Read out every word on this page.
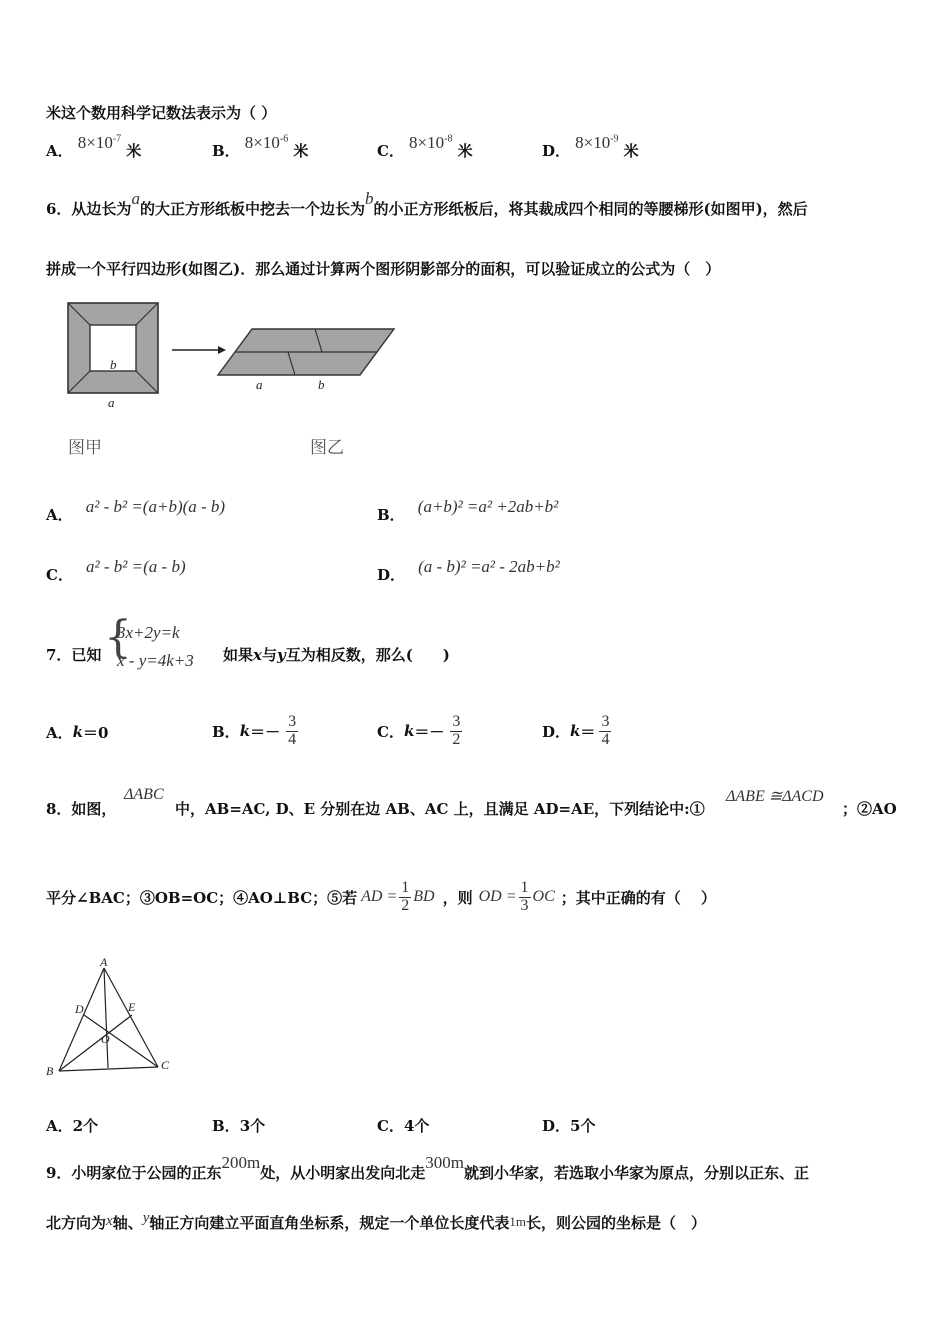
米这个数用科学记数法表示为（ ）
A． $8\times 10^{-7}$ 米	B． $8\times 10^{-6}$ 米	C． $8\times 10^{-8}$ 米	D． $8\times 10^{-9}$ 米
6．从边长为a的大正方形纸板中挖去一个边长为b的小正方形纸板后，将其裁成四个相同的等腰梯形(如图甲)，然后
拼成一个平行四边形(如图乙)．那么通过计算两个图形阴影部分的面积，可以验证成立的公式为（　）
b
a
a	b
图甲	图乙
A． a² - b² =(a+b)(a - b)	B． (a+b)² =a² +2ab+b²
C． a² - b² =(a - b)	D． (a - b)² =a² - 2ab+b²
7．已知 {
3x+2y=k
x - y=4k+3 如果x与y互为相反数，那么(　　)
A． k ＝0	B． $k =- \frac{3}{4}$	C． $k =- \frac{3}{2}$	D． $k = \frac{3}{4}$
8．如图，
ΔABC
中，AB=AC, D、E 分别在边 AB、AC 上，且满足 AD=AE，下列结论中:①
ΔABE ≅ΔACD
；②AO
平分∠BAC；③OB=OC；④AO⊥BC；⑤若 AD = $\frac{1}{2}$ BD ，则 OD = $\frac{1}{3}$ OC ；其中正确的有（　 ）
A
D	E
O
B	C
A．2个	B．3个	C．4个	D．5个
9．小明家位于公园的正东200m处，从小明家出发向北走300m就到小华家，若选取小华家为原点，分别以正东、正
北方向为x轴、y轴正方向建立平面直角坐标系，规定一个单位长度代表1m长，则公园的坐标是（　）
